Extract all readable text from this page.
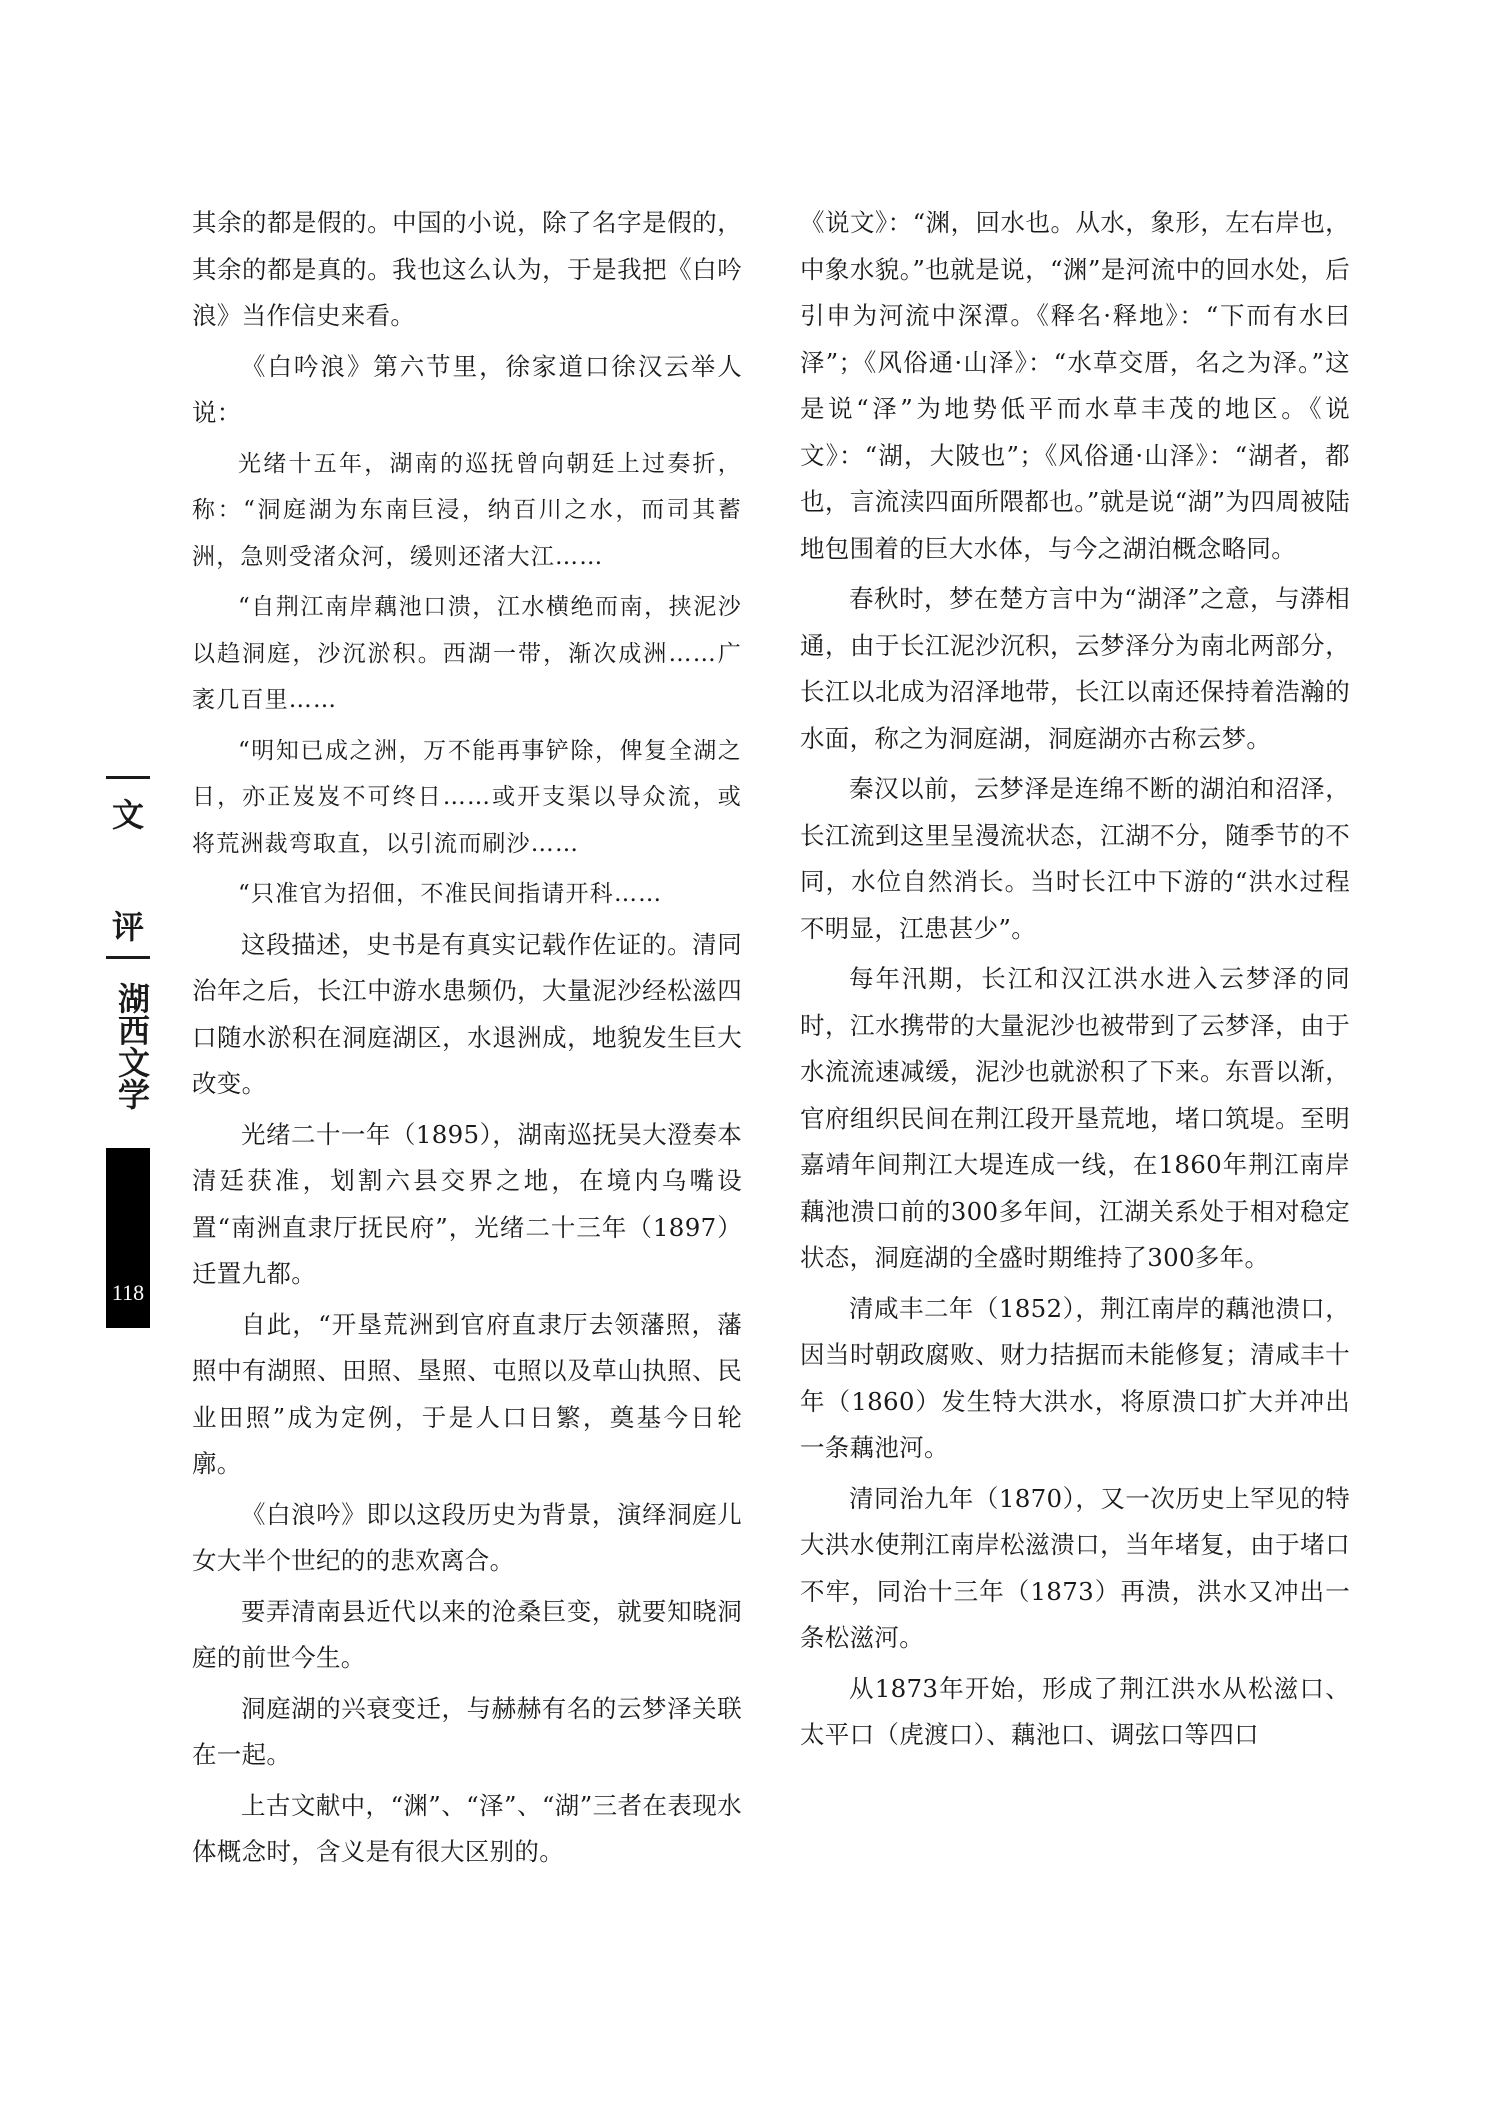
文
评
湖西文学
118

其余的都是假的。中国的小说，除了名字是假的，其余的都是真的。我也这么认为，于是我把《白吟浪》当作信史来看。

《白吟浪》第六节里，徐家道口徐汉云举人说：

光绪十五年，湖南的巡抚曾向朝廷上过奏折，称：“洞庭湖为东南巨浸，纳百川之水，而司其蓄洲，急则受渚众河，缓则还渚大江……

“自荆江南岸藕池口溃，江水横绝而南，挟泥沙以趋洞庭，沙沉淤积。西湖一带，渐次成洲……广袤几百里……

“明知已成之洲，万不能再事铲除，俾复全湖之日，亦正岌岌不可终日……或开支渠以导众流，或将荒洲裁弯取直，以引流而刷沙……

“只准官为招佃，不准民间指请开科……

这段描述，史书是有真实记载作佐证的。清同治年之后，长江中游水患频仍，大量泥沙经松滋四口随水淤积在洞庭湖区，水退洲成，地貌发生巨大改变。

光绪二十一年（1895），湖南巡抚吴大澄奏本清廷获准，划割六县交界之地，在境内乌嘴设置“南洲直隶厅抚民府”，光绪二十三年（1897）迁置九都。

自此，“开垦荒洲到官府直隶厅去领藩照，藩照中有湖照、田照、垦照、屯照以及草山执照、民业田照”成为定例，于是人口日繁，奠基今日轮廓。

《白浪吟》即以这段历史为背景，演绎洞庭儿女大半个世纪的的悲欢离合。

要弄清南县近代以来的沧桑巨变，就要知晓洞庭的前世今生。

洞庭湖的兴衰变迁，与赫赫有名的云梦泽关联在一起。

上古文献中，“渊”、“泽”、“湖”三者在表现水体概念时，含义是有很大区别的。

《说文》：“渊，回水也。从水，象形，左右岸也，中象水貌。”也就是说，“渊”是河流中的回水处，后引申为河流中深潭。《释名·释地》：“下而有水曰泽”；《风俗通·山泽》：“水草交厝，名之为泽。”这是说“泽”为地势低平而水草丰茂的地区。《说文》：“湖，大陂也”；《风俗通·山泽》：“湖者，都也，言流渎四面所隈都也。”就是说“湖”为四周被陆地包围着的巨大水体，与今之湖泊概念略同。

春秋时，梦在楚方言中为“湖泽”之意，与漭相通，由于长江泥沙沉积，云梦泽分为南北两部分，长江以北成为沼泽地带，长江以南还保持着浩瀚的水面，称之为洞庭湖，洞庭湖亦古称云梦。

秦汉以前，云梦泽是连绵不断的湖泊和沼泽，长江流到这里呈漫流状态，江湖不分，随季节的不同，水位自然消长。当时长江中下游的“洪水过程不明显，江患甚少”。

每年汛期，长江和汉江洪水进入云梦泽的同时，江水携带的大量泥沙也被带到了云梦泽，由于水流流速减缓，泥沙也就淤积了下来。东晋以渐，官府组织民间在荆江段开垦荒地，堵口筑堤。至明嘉靖年间荆江大堤连成一线，在1860年荆江南岸藕池溃口前的300多年间，江湖关系处于相对稳定状态，洞庭湖的全盛时期维持了300多年。

清咸丰二年（1852），荆江南岸的藕池溃口，因当时朝政腐败、财力拮据而未能修复；清咸丰十年（1860）发生特大洪水，将原溃口扩大并冲出一条藕池河。

清同治九年（1870），又一次历史上罕见的特大洪水使荆江南岸松滋溃口，当年堵复，由于堵口不牢，同治十三年（1873）再溃，洪水又冲出一条松滋河。

从1873年开始，形成了荆江洪水从松滋口、太平口（虎渡口）、藕池口、调弦口等四口
